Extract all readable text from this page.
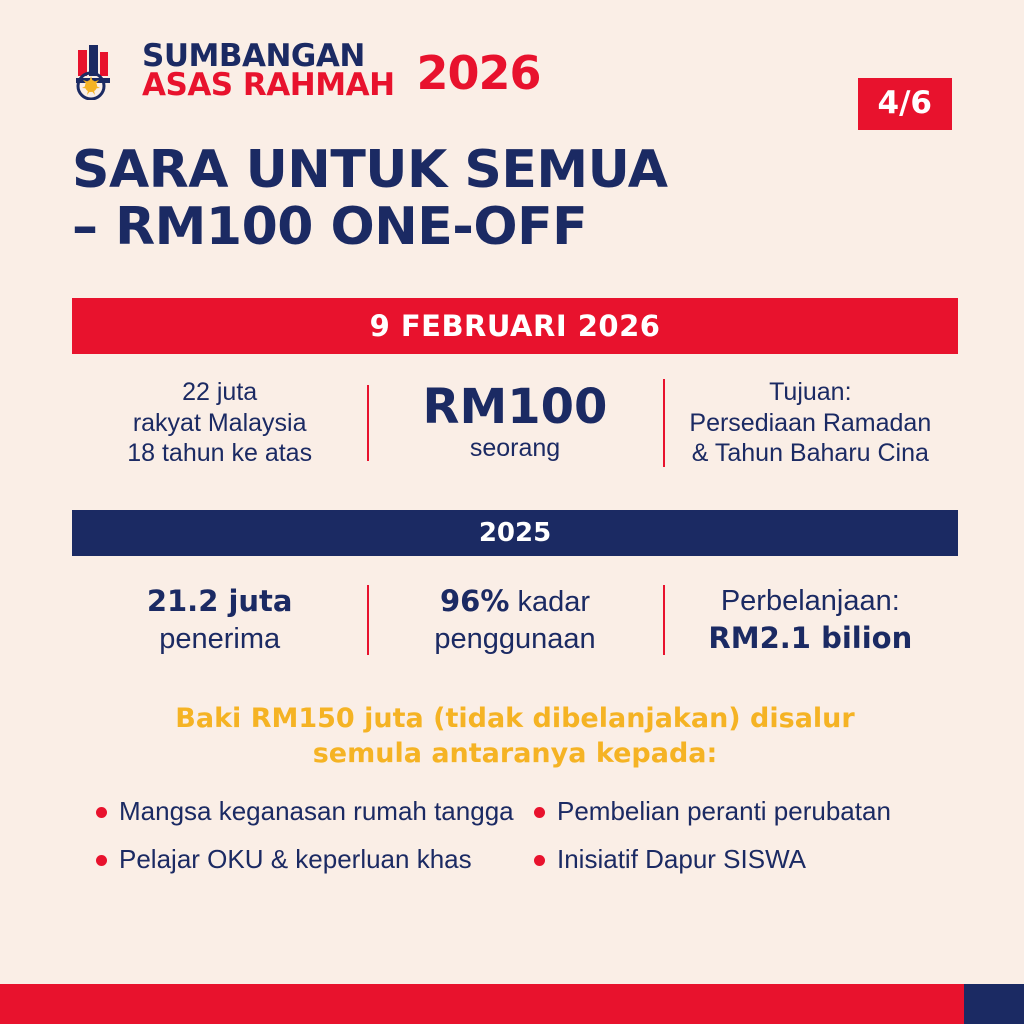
SUMBANGAN
ASAS RAHMAH 2026
4/6
SARA UNTUK SEMUA
– RM100 ONE-OFF
9 FEBRUARI 2026
22 juta
rakyat Malaysia
18 tahun ke atas
RM100
seorang
Tujuan:
Persediaan Ramadan
& Tahun Baharu Cina
2025
21.2 juta
penerima
96% kadar
penggunaan
Perbelanjaan:
RM2.1 bilion
Baki RM150 juta (tidak dibelanjakan) disalur
semula antaranya kepada:
Mangsa keganasan rumah tangga
Pelajar OKU & keperluan khas
Pembelian peranti perubatan
Inisiatif Dapur SISWA
